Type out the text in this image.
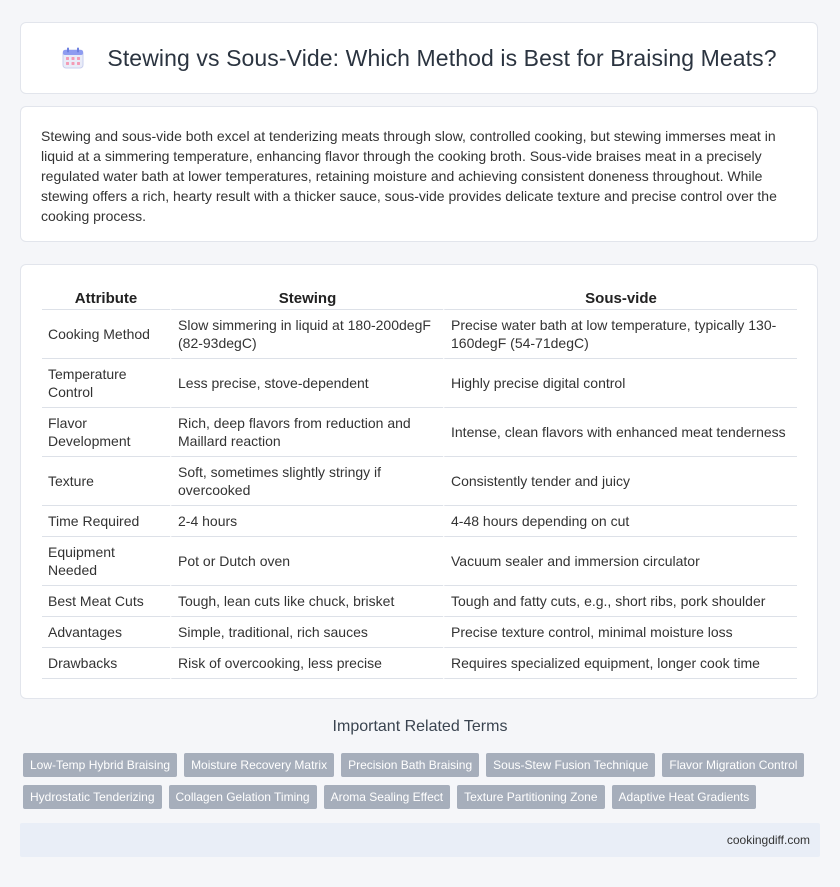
Stewing vs Sous-Vide: Which Method is Best for Braising Meats?

Stewing and sous-vide both excel at tenderizing meats through slow, controlled cooking, but stewing immerses meat in liquid at a simmering temperature, enhancing flavor through the cooking broth. Sous-vide braises meat in a precisely regulated water bath at lower temperatures, retaining moisture and achieving consistent doneness throughout. While stewing offers a rich, hearty result with a thicker sauce, sous-vide provides delicate texture and precise control over the cooking process.

Attribute	Stewing	Sous-vide
Cooking Method	Slow simmering in liquid at 180-200degF (82-93degC)	Precise water bath at low temperature, typically 130-160degF (54-71degC)
Temperature Control	Less precise, stove-dependent	Highly precise digital control
Flavor Development	Rich, deep flavors from reduction and Maillard reaction	Intense, clean flavors with enhanced meat tenderness
Texture	Soft, sometimes slightly stringy if overcooked	Consistently tender and juicy
Time Required	2-4 hours	4-48 hours depending on cut
Equipment Needed	Pot or Dutch oven	Vacuum sealer and immersion circulator
Best Meat Cuts	Tough, lean cuts like chuck, brisket	Tough and fatty cuts, e.g., short ribs, pork shoulder
Advantages	Simple, traditional, rich sauces	Precise texture control, minimal moisture loss
Drawbacks	Risk of overcooking, less precise	Requires specialized equipment, longer cook time
Important Related Terms
Low-Temp Hybrid Braising	Moisture Recovery Matrix	Precision Bath Braising	Sous-Stew Fusion Technique	Flavor Migration Control
Hydrostatic Tenderizing	Collagen Gelation Timing	Aroma Sealing Effect	Texture Partitioning Zone	Adaptive Heat Gradients
cookingdiff.com
